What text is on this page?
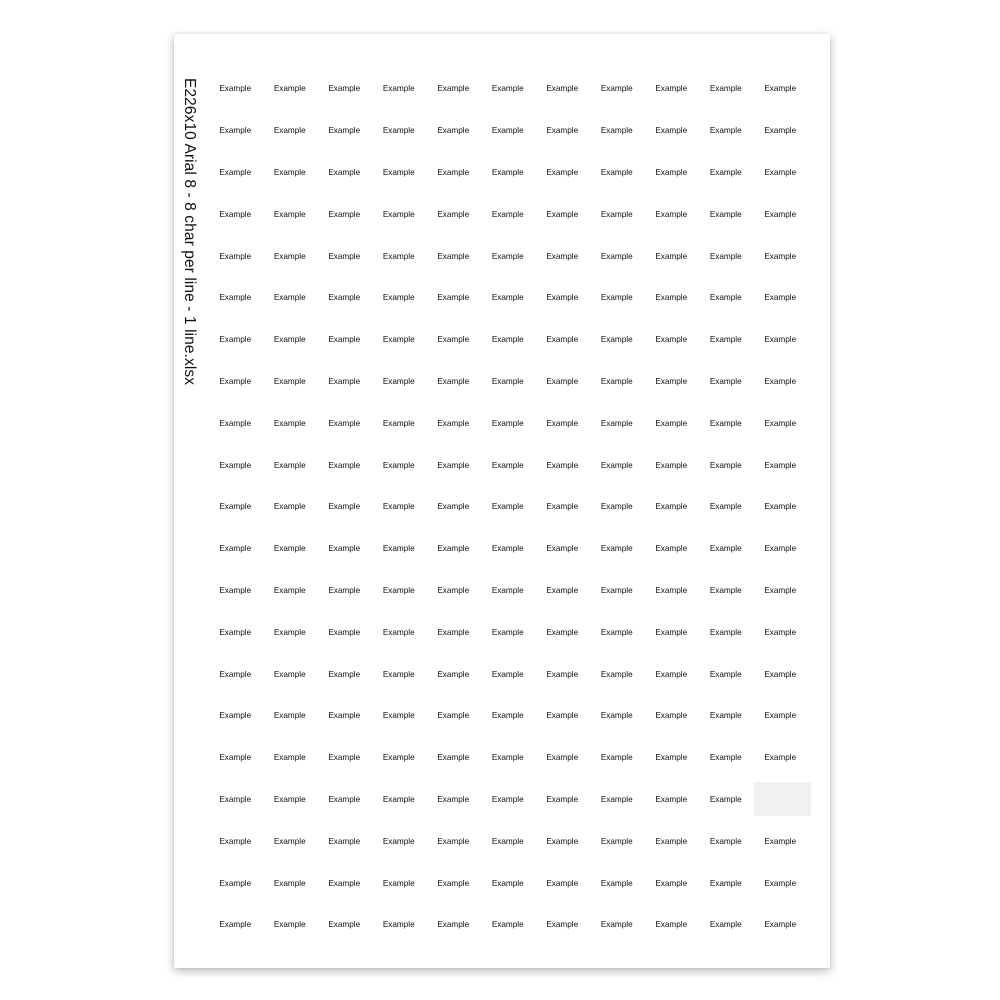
E226x10 Arial 8 - 8 char per line - 1 line.xlsx	Example	Example	Example	Example	Example	Example	Example	Example	Example	Example	Example
Example	Example	Example	Example	Example	Example	Example	Example	Example	Example	Example
Example	Example	Example	Example	Example	Example	Example	Example	Example	Example	Example
Example	Example	Example	Example	Example	Example	Example	Example	Example	Example	Example
Example	Example	Example	Example	Example	Example	Example	Example	Example	Example	Example
Example	Example	Example	Example	Example	Example	Example	Example	Example	Example	Example
Example	Example	Example	Example	Example	Example	Example	Example	Example	Example	Example
Example	Example	Example	Example	Example	Example	Example	Example	Example	Example	Example
Example	Example	Example	Example	Example	Example	Example	Example	Example	Example	Example
Example	Example	Example	Example	Example	Example	Example	Example	Example	Example	Example
Example	Example	Example	Example	Example	Example	Example	Example	Example	Example	Example
Example	Example	Example	Example	Example	Example	Example	Example	Example	Example	Example
Example	Example	Example	Example	Example	Example	Example	Example	Example	Example	Example
Example	Example	Example	Example	Example	Example	Example	Example	Example	Example	Example
Example	Example	Example	Example	Example	Example	Example	Example	Example	Example	Example
Example	Example	Example	Example	Example	Example	Example	Example	Example	Example	Example
Example	Example	Example	Example	Example	Example	Example	Example	Example	Example	Example
Example	Example	Example	Example	Example	Example	Example	Example	Example	Example
Example	Example	Example	Example	Example	Example	Example	Example	Example	Example	Example
Example	Example	Example	Example	Example	Example	Example	Example	Example	Example	Example
Example	Example	Example	Example	Example	Example	Example	Example	Example	Example	Example
